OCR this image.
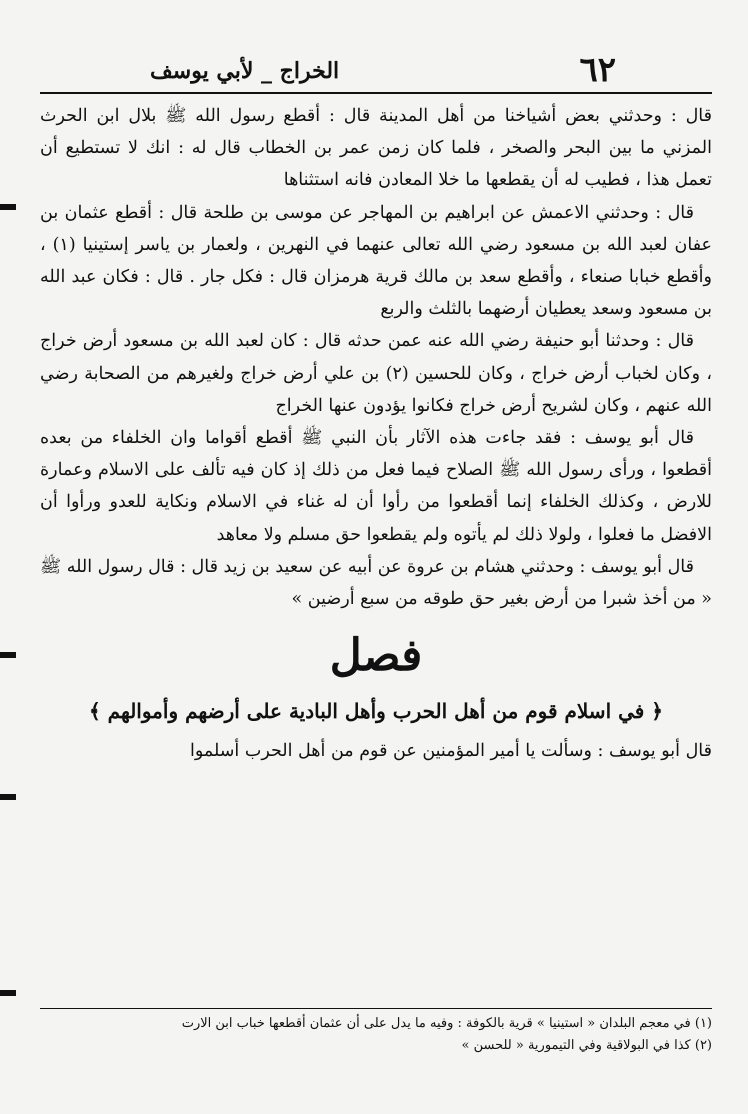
٦٢
الخراج _ لأبي يوسف

قال : وحدثني بعض أشياخنا من أهل المدينة قال : أقطع رسول الله ﷺ بلال ابن الحرث المزني ما بين البحر والصخر ، فلما كان زمن عمر بن الخطاب قال له : انك لا تستطيع أن تعمل هذا ، فطيب له أن يقطعها ما خلا المعادن فانه استثناها

قال : وحدثني الاعمش عن ابراهيم بن المهاجر عن موسى بن طلحة قال : أقطع عثمان بن عفان لعبد الله بن مسعود رضي الله تعالى عنهما في النهرين ، ولعمار بن ياسر إستينيا (١) ، وأقطع خبابا صنعاء ، وأقطع سعد بن مالك قرية هرمزان قال : فكل جار . قال : فكان عبد الله بن مسعود وسعد يعطيان أرضهما بالثلث والربع

قال : وحدثنا أبو حنيفة رضي الله عنه عمن حدثه قال : كان لعبد الله بن مسعود أرض خراج ، وكان لخباب أرض خراج ، وكان للحسين (٢) بن علي أرض خراج ولغيرهم من الصحابة رضي الله عنهم ، وكان لشريح أرض خراج فكانوا يؤدون عنها الخراج

قال أبو يوسف : فقد جاءت هذه الآثار بأن النبي ﷺ أقطع أقواما وان الخلفاء من بعده أقطعوا ، ورأى رسول الله ﷺ الصلاح فيما فعل من ذلك إذ كان فيه تألف على الاسلام وعمارة للارض ، وكذلك الخلفاء إنما أقطعوا من رأوا أن له غناء في الاسلام ونكاية للعدو ورأوا أن الافضل ما فعلوا ، ولولا ذلك لم يأتوه ولم يقطعوا حق مسلم ولا معاهد

قال أبو يوسف : وحدثني هشام بن عروة عن أبيه عن سعيد بن زيد قال : قال رسول الله ﷺ « من أخذ شبرا من أرض بغير حق طوقه من سبع أرضين »

فصل
﴿ في اسلام قوم من أهل الحرب وأهل البادية على أرضهم وأموالهم ﴾

قال أبو يوسف : وسألت يا أمير المؤمنين عن قوم من أهل الحرب أسلموا

(١) في معجم البلدان « استينيا » قرية بالكوفة : وفيه ما يدل على أن عثمان أقطعها خباب ابن الارت

(٢) كذا في البولاقية وفي التيمورية « للحسن »
